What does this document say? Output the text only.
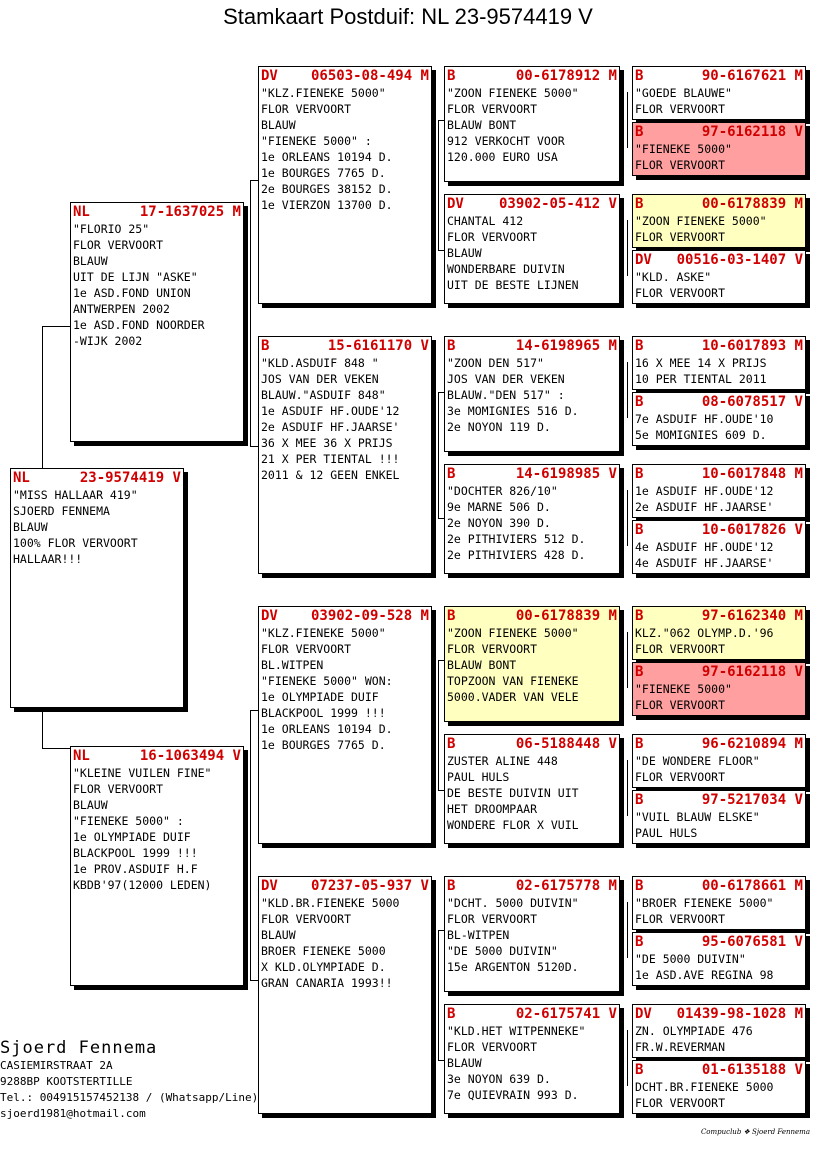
Stamkaart Postduif: NL 23-9574419 V
NL	23-9574419 V
"MISS HALLAAR 419"
SJOERD FENNEMA
BLAUW
100% FLOR VERVOORT
HALLAAR!!!
NL	17-1637025 M
"FLORIO 25"
FLOR VERVOORT
BLAUW
UIT DE LIJN "ASKE"
1e ASD.FOND UNION
ANTWERPEN 2002
1e ASD.FOND NOORDER
-WIJK 2002
NL	16-1063494 V
"KLEINE VUILEN FINE"
FLOR VERVOORT
BLAUW
"FIENEKE 5000" :
1e OLYMPIADE DUIF
BLACKPOOL 1999 !!!
1e PROV.ASDUIF H.F
KBDB'97(12000 LEDEN)
DV 06503-08-494 M
"KLZ.FIENEKE 5000"
FLOR VERVOORT
BLAUW
"FIENEKE 5000" :
1e ORLEANS 10194 D.
1e BOURGES 7765 D.
2e BOURGES 38152 D.
1e VIERZON 13700 D.
B	15-6161170 V
"KLD.ASDUIF 848 "
JOS VAN DER VEKEN
BLAUW."ASDUIF 848"
1e ASDUIF HF.OUDE'12
2e ASDUIF HF.JAARSE'
36 X MEE 36 X PRIJS
21 X PER TIENTAL !!!
2011 & 12 GEEN ENKEL
DV 03902-09-528 M
"KLZ.FIENEKE 5000"
FLOR VERVOORT
BL.WITPEN
"FIENEKE 5000" WON:
1e OLYMPIADE DUIF
BLACKPOOL 1999 !!!
1e ORLEANS 10194 D.
1e BOURGES 7765 D.
DV 07237-05-937 V
"KLD.BR.FIENEKE 5000
FLOR VERVOORT
BLAUW
BROER FIENEKE 5000
X KLD.OLYMPIADE D.
GRAN CANARIA 1993!!
B	00-6178912 M
"ZOON FIENEKE 5000"
FLOR VERVOORT
BLAUW BONT
912 VERKOCHT VOOR
120.000 EURO USA
DV	03902-05-412 V
CHANTAL 412
FLOR VERVOORT
BLAUW
WONDERBARE DUIVIN
UIT DE BESTE LIJNEN
B	14-6198965 M
"ZOON DEN 517"
JOS VAN DER VEKEN
BLAUW."DEN 517" :
3e MOMIGNIES 516 D.
2e NOYON 119 D.
B	14-6198985 V
"DOCHTER 826/10"
9e MARNE 506 D.
2e NOYON 390 D.
2e PITHIVIERS 512 D.
2e PITHIVIERS 428 D.
B	00-6178839 M
"ZOON FIENEKE 5000"
FLOR VERVOORT
BLAUW BONT
TOPZOON VAN FIENEKE
5000.VADER VAN VELE
B	06-5188448 V
ZUSTER ALINE 448
PAUL HULS
DE BESTE DUIVIN UIT
HET DROOMPAAR
WONDERE FLOR X VUIL
B	02-6175778 M
"DCHT. 5000 DUIVIN"
FLOR VERVOORT
BL-WITPEN
"DE 5000 DUIVIN"
15e ARGENTON 5120D.
B	02-6175741 V
"KLD.HET WITPENNEKE"
FLOR VERVOORT
BLAUW
3e NOYON 639 D.
7e QUIEVRAIN 993 D.
B	90-6167621 M
"GOEDE BLAUWE"
FLOR VERVOORT
B	97-6162118 V
"FIENEKE 5000"
FLOR VERVOORT
B	00-6178839 M
"ZOON FIENEKE 5000"
FLOR VERVOORT
DV 00516-03-1407 V
"KLD. ASKE"
FLOR VERVOORT
B	10-6017893 M
16 X MEE 14 X PRIJS
10 PER TIENTAL 2011
B	08-6078517 V
7e ASDUIF HF.OUDE'10
5e MOMIGNIES 609 D.
B	10-6017848 M
1e ASDUIF HF.OUDE'12
2e ASDUIF HF.JAARSE'
B	10-6017826 V
4e ASDUIF HF.OUDE'12
4e ASDUIF HF.JAARSE'
B	97-6162340 M
KLZ."062 OLYMP.D.'96
FLOR VERVOORT
B	97-6162118 V
"FIENEKE 5000"
FLOR VERVOORT
B	96-6210894 M
"DE WONDERE FLOOR"
FLOR VERVOORT
B	97-5217034 V
"VUIL BLAUW ELSKE"
PAUL HULS
B	00-6178661 M
"BROER FIENEKE 5000"
FLOR VERVOORT
B	95-6076581 V
"DE 5000 DUIVIN"
1e ASD.AVE REGINA 98
DV 01439-98-1028 M
ZN. OLYMPIADE 476
FR.W.REVERMAN
B	01-6135188 V
DCHT.BR.FIENEKE 5000
FLOR VERVOORT
Sjoerd Fennema
CASIEMIRSTRAAT 2A
9288BP KOOTSTERTILLE
Tel.: 004915157452138 / (Whatsapp/Line)
sjoerd1981@hotmail.com
Compuclub ❖ Sjoerd Fennema
